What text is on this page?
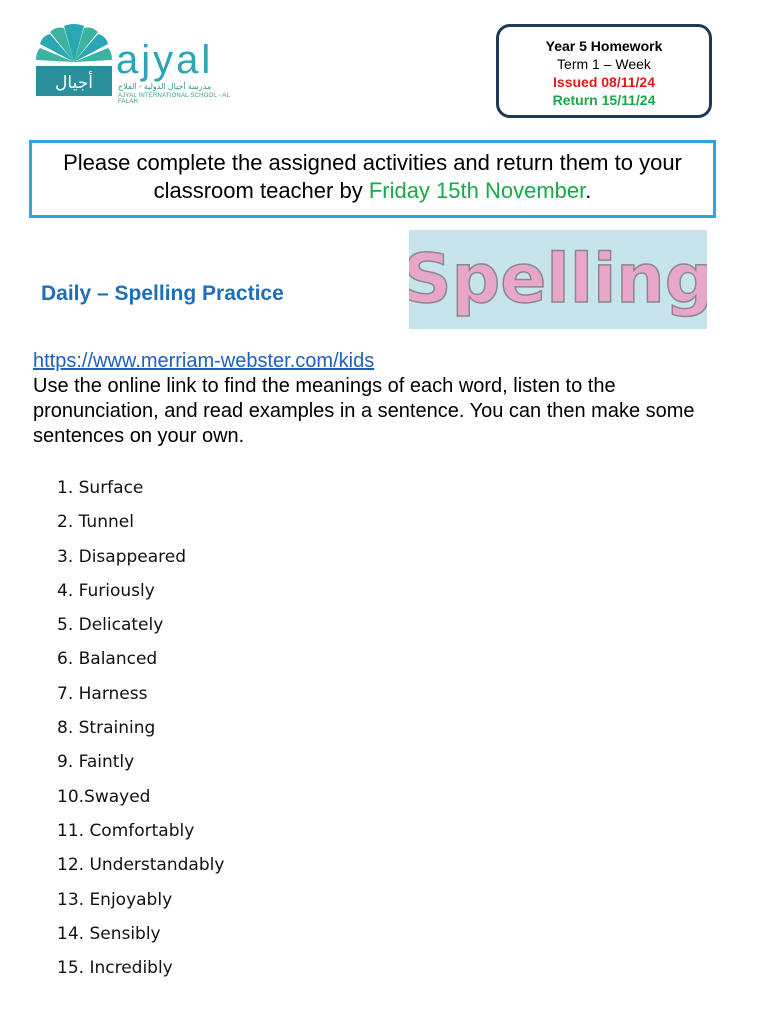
أجيال
ajyal
مدرسة أجيال الدولية - الفلاح
AJYAL INTERNATIONAL SCHOOL - AL FALAH
Year 5 Homework
Term 1 – Week
Issued 08/11/24
Return 15/11/24
Please complete the assigned activities and return them to your classroom teacher by Friday 15th November.
Daily – Spelling Practice Spelling

https://www.merriam-webster.com/kids

Use the online link to find the meanings of each word, listen to the pronunciation, and read examples in a sentence. You can then make some sentences on your own.

1. Surface
2. Tunnel
3. Disappeared
4. Furiously
5. Delicately
6. Balanced
7. Harness
8. Straining
9. Faintly
10.Swayed
11. Comfortably
12. Understandably
13. Enjoyably
14. Sensibly
15. Incredibly
